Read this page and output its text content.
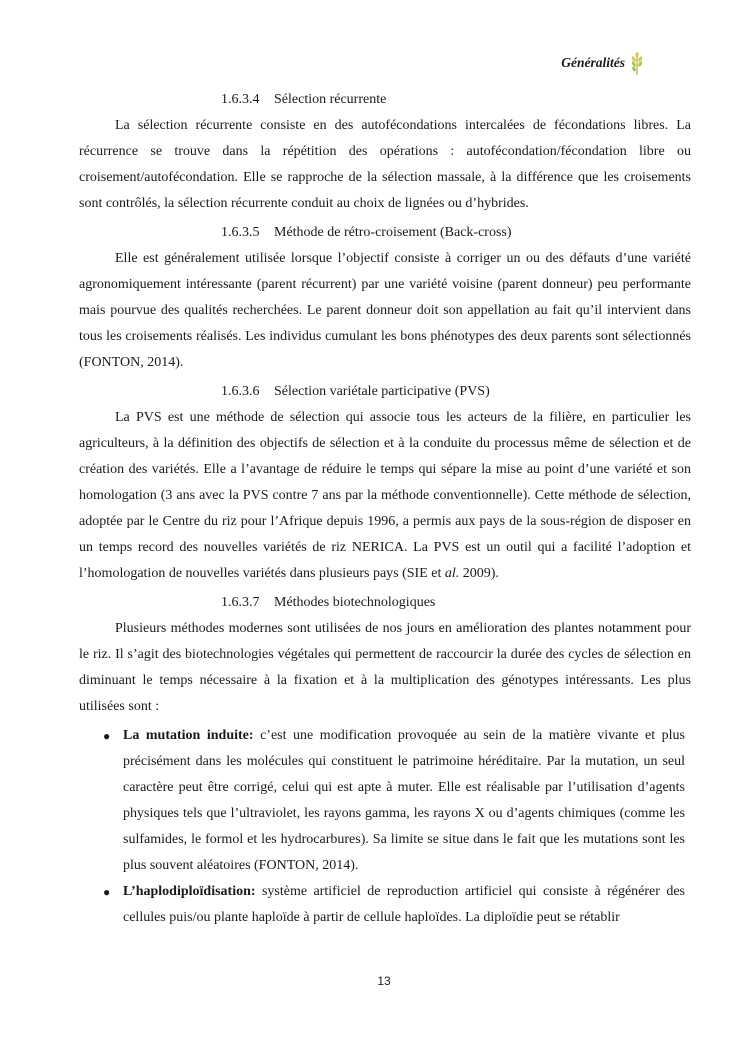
Généralités
1.6.3.4 Sélection récurrente

La sélection récurrente consiste en des autofécondations intercalées de fécondations libres. La récurrence se trouve dans la répétition des opérations : autofécondation/fécondation libre ou croisement/autofécondation. Elle se rapproche de la sélection massale, à la différence que les croisements sont contrôlés, la sélection récurrente conduit au choix de lignées ou d’hybrides.

1.6.3.5 Méthode de rétro-croisement (Back-cross)

Elle est généralement utilisée lorsque l’objectif consiste à corriger un ou des défauts d’une variété agronomiquement intéressante (parent récurrent) par une variété voisine (parent donneur) peu performante mais pourvue des qualités recherchées. Le parent donneur doit son appellation au fait qu’il intervient dans tous les croisements réalisés. Les individus cumulant les bons phénotypes des deux parents sont sélectionnés (FONTON, 2014).

1.6.3.6 Sélection variétale participative (PVS)

La PVS est une méthode de sélection qui associe tous les acteurs de la filière, en particulier les agriculteurs, à la définition des objectifs de sélection et à la conduite du processus même de sélection et de création des variétés. Elle a l’avantage de réduire le temps qui sépare la mise au point d’une variété et son homologation (3 ans avec la PVS contre 7 ans par la méthode conventionnelle). Cette méthode de sélection, adoptée par le Centre du riz pour l’Afrique depuis 1996, a permis aux pays de la sous-région de disposer en un temps record des nouvelles variétés de riz NERICA. La PVS est un outil qui a facilité l’adoption et l’homologation de nouvelles variétés dans plusieurs pays (SIE et al. 2009).

1.6.3.7 Méthodes biotechnologiques

Plusieurs méthodes modernes sont utilisées de nos jours en amélioration des plantes notamment pour le riz. Il s’agit des biotechnologies végétales qui permettent de raccourcir la durée des cycles de sélection en diminuant le temps nécessaire à la fixation et à la multiplication des génotypes intéressants. Les plus utilisées sont :

● La mutation induite: c’est une modification provoquée au sein de la matière vivante et plus précisément dans les molécules qui constituent le patrimoine héréditaire. Par la mutation, un seul caractère peut être corrigé, celui qui est apte à muter. Elle est réalisable par l’utilisation d’agents physiques tels que l’ultraviolet, les rayons gamma, les rayons X ou d’agents chimiques (comme les sulfamides, le formol et les hydrocarbures). Sa limite se situe dans le fait que les mutations sont les plus souvent aléatoires (FONTON, 2014).
● L’haplodiploïdisation: système artificiel de reproduction artificiel qui consiste à régénérer des cellules puis/ou plante haploïde à partir de cellule haploïdes. La diploïdie peut se rétablir
13
